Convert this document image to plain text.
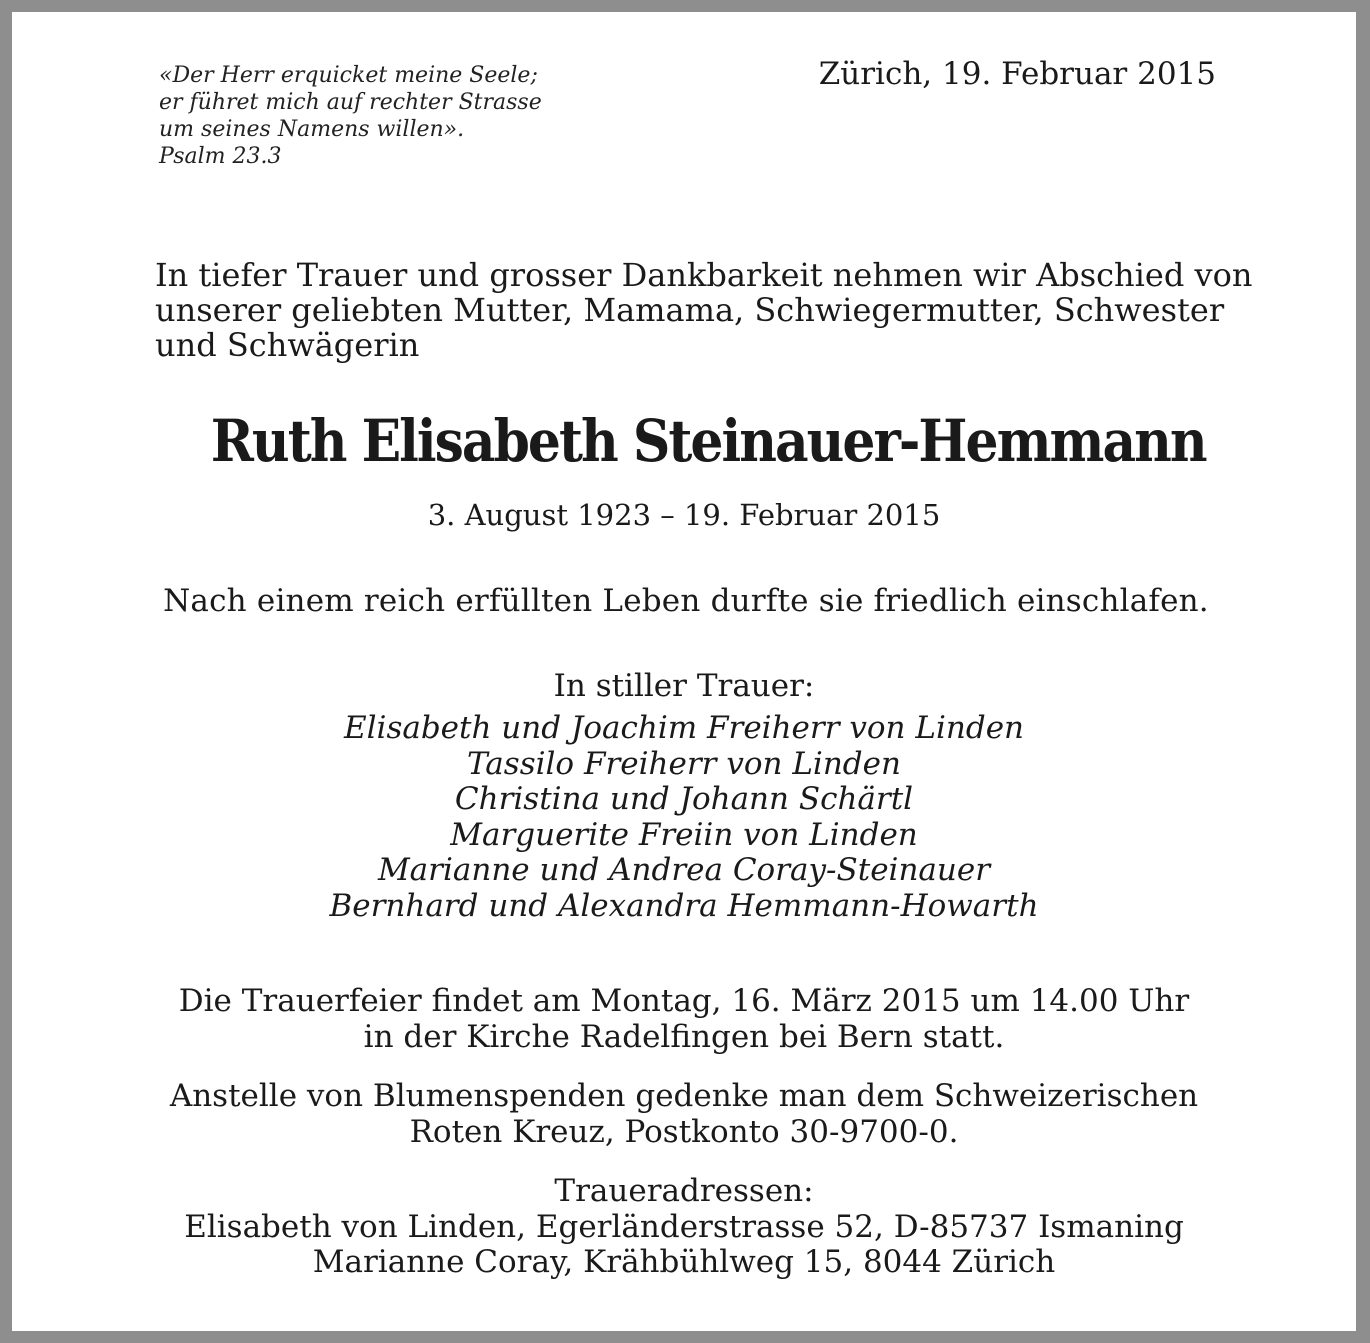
«Der Herr erquicket meine Seele;
er führet mich auf rechter Strasse
um seines Namens willen».
Psalm 23.3
Zürich, 19. Februar 2015
In tiefer Trauer und grosser Dankbarkeit nehmen wir Abschied von
unserer geliebten Mutter, Mamama, Schwiegermutter, Schwester
und Schwägerin
Ruth Elisabeth Steinauer-Hemmann
3. August 1923 – 19. Februar 2015
Nach einem reich erfüllten Leben durfte sie friedlich einschlafen.
In stiller Trauer:
Elisabeth und Joachim Freiherr von Linden
Tassilo Freiherr von Linden
Christina und Johann Schärtl
Marguerite Freiin von Linden
Marianne und Andrea Coray-Steinauer
Bernhard und Alexandra Hemmann-Howarth
Die Trauerfeier findet am Montag, 16. März 2015 um 14.00 Uhr
in der Kirche Radelfingen bei Bern statt.
Anstelle von Blumenspenden gedenke man dem Schweizerischen
Roten Kreuz, Postkonto 30-9700-0.
Traueradressen:
Elisabeth von Linden, Egerländerstrasse 52, D-85737 Ismaning
Marianne Coray, Krähbühlweg 15, 8044 Zürich
